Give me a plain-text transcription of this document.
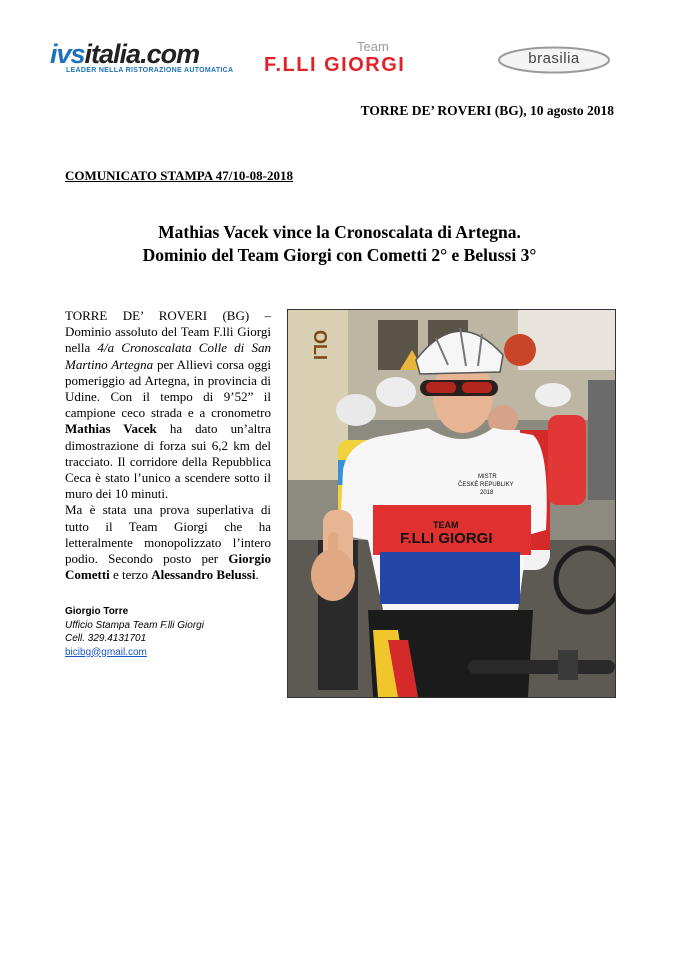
ivsitalia.com
LEADER NELLA RISTORAZIONE AUTOMATICA
Team
F.LLI GIORGI	brasilia
TORRE DE’ ROVERI (BG), 10 agosto 2018
COMUNICATO STAMPA 47/10-08-2018
Mathias Vacek vince la Cronoscalata di Artegna.
Dominio del Team Giorgi con Cometti 2° e Belussi 3°

TORRE DE’ ROVERI (BG) – Dominio assoluto del Team F.lli Giorgi nella 4/a Cronoscalata Colle di San Martino Artegna per Allievi corsa oggi pomeriggio ad Artegna, in provincia di Udine. Con il tempo di 9’52” il campione ceco strada e a cronometro Mathias Vacek ha dato un’altra dimostrazione di forza sui 6,2 km del tracciato. Il corridore della Repubblica Ceca è stato l’unico a scendere sotto il muro dei 10 minuti.

Ma è stata una prova superlativa di tutto il Team Giorgi che ha letteralmente monopolizzato l’intero podio. Secondo posto per Giorgio Cometti e terzo Alessandro Belussi.

Giorgio Torre
Ufficio Stampa Team F.lli Giorgi
Cell. 329.4131701
bicibg@gmail.com
OLI
TEAM
F.LLI GIORGI
MISTR
ČESKÉ REPUBLIKY
2018
